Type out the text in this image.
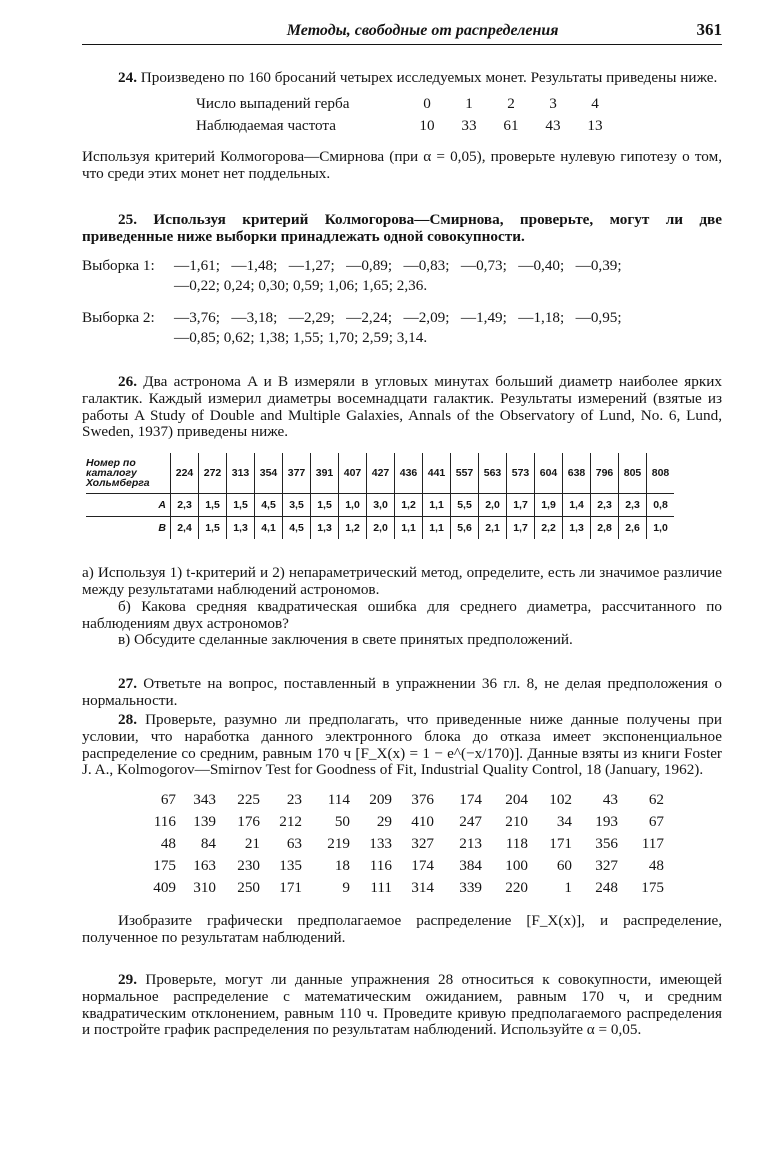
Методы, свободные от распределения	361

24. Произведено по 160 бросаний четырех исследуемых монет. Результаты приведены ниже.

Число выпадений герба	0	1	2	3	4
Наблюдаемая частота	10	33	61	43	13

Используя критерий Колмогорова—Смирнова (при α = 0,05), проверьте нулевую гипотезу о том, что среди этих монет нет поддельных.

25. Используя критерий Колмогорова—Смирнова, проверьте, могут ли две приведенные ниже выборки принадлежать одной совокупности.

Выборка 1: —1,61;   —1,48;   —1,27;   —0,89;   —0,83;   —0,73;   —0,40;   —0,39;
—0,22; 0,24; 0,30; 0,59; 1,06; 1,65; 2,36.
Выборка 2: —3,76;   —3,18;   —2,29;   —2,24;   —2,09;   —1,49;   —1,18;   —0,95;
—0,85; 0,62; 1,38; 1,55; 1,70; 2,59; 3,14.

26. Два астронома A и B измеряли в угловых минутах больший диаметр наиболее ярких галактик. Каждый измерил диаметры восемнадцати галактик. Результаты измерений (взятые из работы A Study of Double and Multiple Galaxies, Annals of the Observatory of Lund, No. 6, Lund, Sweden, 1937) приведены ниже.

Номер по каталогу Хольмберга	224	272	313	354	377	391	407	427	436	441	557	563	573	604	638	796	805	808
A	2,3	1,5	1,5	4,5	3,5	1,5	1,0	3,0	1,2	1,1	5,5	2,0	1,7	1,9	1,4	2,3	2,3	0,8
B	2,4	1,5	1,3	4,1	4,5	1,3	1,2	2,0	1,1	1,1	5,6	2,1	1,7	2,2	1,3	2,8	2,6	1,0

а) Используя 1) t-критерий и 2) непараметрический метод, определите, есть ли значимое различие между результатами наблюдений астрономов.

б) Какова средняя квадратическая ошибка для среднего диаметра, рассчитанного по наблюдениям двух астрономов?

в) Обсудите сделанные заключения в свете принятых предположений.

27. Ответьте на вопрос, поставленный в упражнении 36 гл. 8, не делая предположения о нормальности.

28. Проверьте, разумно ли предполагать, что приведенные ниже данные получены при условии, что наработка данного электронного блока до отказа имеет экспоненциальное распределение со средним, равным 170 ч [F_X(x) = 1 − e^(−x/170)]. Данные взяты из книги Foster J. A., Kolmogorov—Smirnov Test for Goodness of Fit, Industrial Quality Control, 18 (January, 1962).

67	343	225	23	114	209	376	174	204	102	43	62
116	139	176	212	50	29	410	247	210	34	193	67
48	84	21	63	219	133	327	213	118	171	356	117
175	163	230	135	18	116	174	384	100	60	327	48
409	310	250	171	9	111	314	339	220	1	248	175

Изобразите графически предполагаемое распределение [F_X(x)], и распределение, полученное по результатам наблюдений.

29. Проверьте, могут ли данные упражнения 28 относиться к совокупности, имеющей нормальное распределение с математическим ожиданием, равным 170 ч, и средним квадратическим отклонением, равным 110 ч. Проведите кривую предполагаемого распределения и постройте график распределения по результатам наблюдений. Используйте α = 0,05.
